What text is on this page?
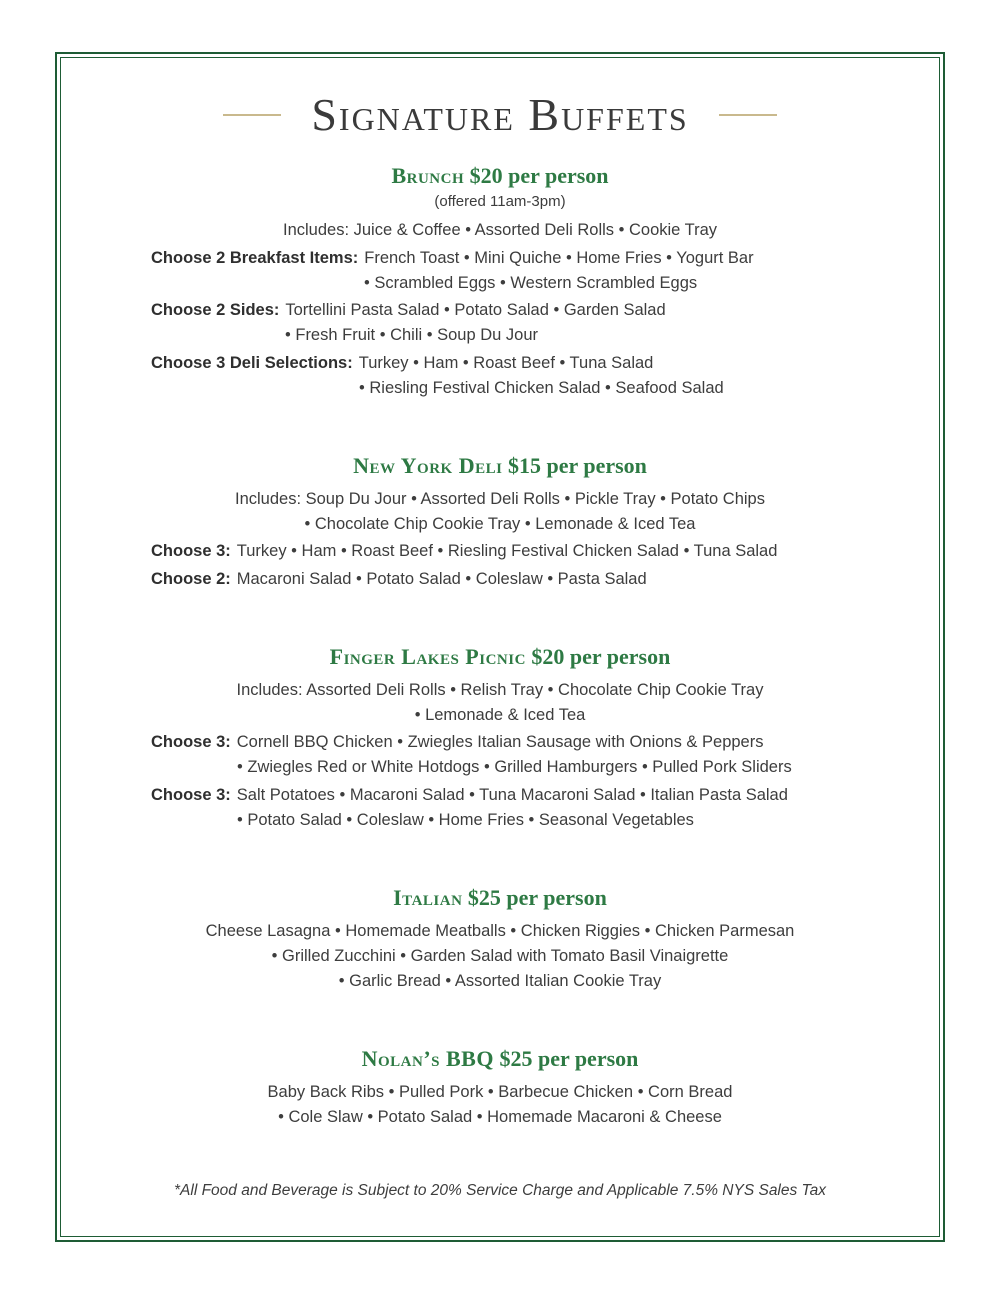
Signature Buffets
Brunch $20 per person

(offered 11am-3pm)

Includes: Juice & Coffee • Assorted Deli Rolls • Cookie Tray

Choose 2 Breakfast Items: French Toast • Mini Quiche • Home Fries • Yogurt Bar
• Scrambled Eggs • Western Scrambled Eggs

Choose 2 Sides: Tortellini Pasta Salad • Potato Salad • Garden Salad
• Fresh Fruit • Chili • Soup Du Jour

Choose 3 Deli Selections: Turkey • Ham • Roast Beef • Tuna Salad
• Riesling Festival Chicken Salad • Seafood Salad

New York Deli $15 per person

Includes: Soup Du Jour • Assorted Deli Rolls • Pickle Tray • Potato Chips
• Chocolate Chip Cookie Tray • Lemonade & Iced Tea

Choose 3: Turkey • Ham • Roast Beef • Riesling Festival Chicken Salad • Tuna Salad

Choose 2: Macaroni Salad • Potato Salad • Coleslaw • Pasta Salad

Finger Lakes Picnic $20 per person

Includes: Assorted Deli Rolls • Relish Tray • Chocolate Chip Cookie Tray
• Lemonade & Iced Tea

Choose 3: Cornell BBQ Chicken • Zwiegles Italian Sausage with Onions & Peppers
• Zwiegles Red or White Hotdogs • Grilled Hamburgers • Pulled Pork Sliders

Choose 3: Salt Potatoes • Macaroni Salad • Tuna Macaroni Salad • Italian Pasta Salad
• Potato Salad • Coleslaw • Home Fries • Seasonal Vegetables

Italian $25 per person

Cheese Lasagna • Homemade Meatballs • Chicken Riggies • Chicken Parmesan
• Grilled Zucchini • Garden Salad with Tomato Basil Vinaigrette
• Garlic Bread • Assorted Italian Cookie Tray

Nolan’s BBQ $25 per person

Baby Back Ribs • Pulled Pork • Barbecue Chicken • Corn Bread
• Cole Slaw • Potato Salad • Homemade Macaroni & Cheese

*All Food and Beverage is Subject to 20% Service Charge and Applicable 7.5% NYS Sales Tax
